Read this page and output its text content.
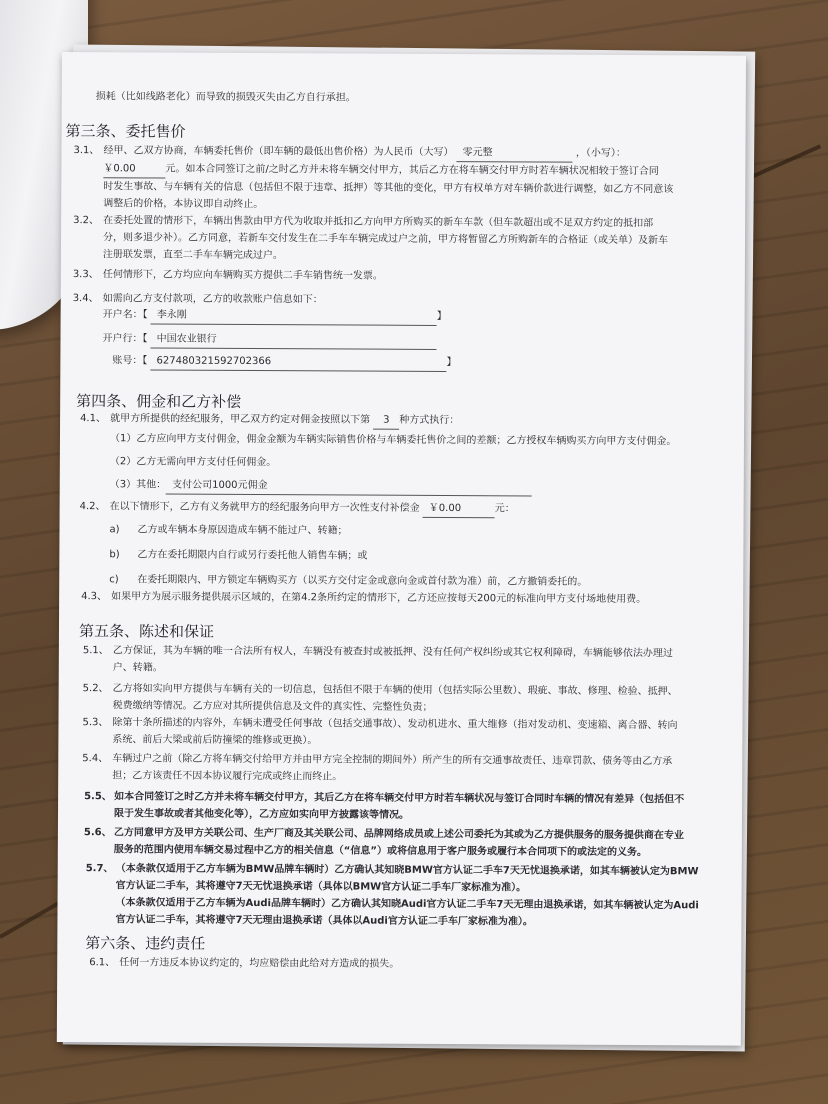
损耗（比如线路老化）而导致的损毁灭失由乙方自行承担。
第三条、委托售价
3.1、 经甲、乙双方协商，车辆委托售价（即车辆的最低出售价格）为人民币（大写） 零元整	，（小写）：
￥0.00	元。如本合同签订之前/之时乙方并未将车辆交付甲方，其后乙方在将车辆交付甲方时若车辆状况相较于签订合同
时发生事故、与车辆有关的信息（包括但不限于违章、抵押）等其他的变化，甲方有权单方对车辆价款进行调整，如乙方不同意该
调整后的价格，本协议即自动终止。
3.2、 在委托处置的情形下，车辆出售款由甲方代为收取并抵扣乙方向甲方所购买的新车车款（但车款超出或不足双方约定的抵扣部
分，则多退少补）。乙方同意，若新车交付发生在二手车车辆完成过户之前，甲方将暂留乙方所购新车的合格证（或关单）及新车
注册联发票，直至二手车车辆完成过户。
3.3、 任何情形下，乙方均应向车辆购买方提供二手车销售统一发票。
3.4、 如需向乙方支付款项，乙方的收款账户信息如下：
开户名：【 李永刚	】
开户行：【 中国农业银行
账号：【 627480321592702366	】
第四条、佣金和乙方补偿
4.1、 就甲方所提供的经纪服务，甲乙双方约定对佣金按照以下第 3 种方式执行：
（1）乙方应向甲方支付佣金，佣金金额为车辆实际销售价格与车辆委托售价之间的差额；乙方授权车辆购买方向甲方支付佣金。
（2）乙方无需向甲方支付任何佣金。
（3）其他： 支付公司1000元佣金
4.2、 在以下情形下，乙方有义务就甲方的经纪服务向甲方一次性支付补偿金 ￥0.00	元：
a) 乙方或车辆本身原因造成车辆不能过户、转籍；
b) 乙方在委托期限内自行或另行委托他人销售车辆；或
c) 在委托期限内、甲方锁定车辆购买方（以买方交付定金或意向金或首付款为准）前，乙方撤销委托的。
4.3、 如果甲方为展示服务提供展示区域的，在第4.2条所约定的情形下，乙方还应按每天200元的标准向甲方支付场地使用费。
第五条、陈述和保证
5.1、 乙方保证，其为车辆的唯一合法所有权人，车辆没有被查封或被抵押、没有任何产权纠纷或其它权利障碍，车辆能够依法办理过
户、转籍。
5.2、 乙方将如实向甲方提供与车辆有关的一切信息，包括但不限于车辆的使用（包括实际公里数）、瑕疵、事故、修理、检验、抵押、
税费缴纳等情况。乙方应对其所提供信息及文件的真实性、完整性负责；
5.3、 除第十条所描述的内容外，车辆未遭受任何事故（包括交通事故）、发动机进水、重大维修（指对发动机、变速箱、离合器、转向
系统、前后大梁或前后防撞梁的维修或更换）。
5.4、 车辆过户之前（除乙方将车辆交付给甲方并由甲方完全控制的期间外）所产生的所有交通事故责任、违章罚款、债务等由乙方承
担；乙方该责任不因本协议履行完成或终止而终止。
5.5、 如本合同签订之时乙方并未将车辆交付甲方，其后乙方在将车辆交付甲方时若车辆状况与签订合同时车辆的情况有差异（包括但不
限于发生事故或者其他变化等），乙方应如实向甲方披露该等情况。
5.6、 乙方同意甲方及甲方关联公司、生产厂商及其关联公司、品牌网络成员或上述公司委托为其或为乙方提供服务的服务提供商在专业
服务的范围内使用车辆交易过程中乙方的相关信息（“信息”）或将信息用于客户服务或履行本合同项下的或法定的义务。
5.7、 （本条款仅适用于乙方车辆为BMW品牌车辆时）乙方确认其知晓BMW官方认证二手车7天无忧退换承诺，如其车辆被认定为BMW
官方认证二手车，其将遵守7天无忧退换承诺（具体以BMW官方认证二手车厂家标准为准）。
（本条款仅适用于乙方车辆为Audi品牌车辆时）乙方确认其知晓Audi官方认证二手车7天无理由退换承诺，如其车辆被认定为Audi
官方认证二手车，其将遵守7天无理由退换承诺（具体以Audi官方认证二手车厂家标准为准）。
第六条、违约责任
6.1、 任何一方违反本协议约定的，均应赔偿由此给对方造成的损失。
